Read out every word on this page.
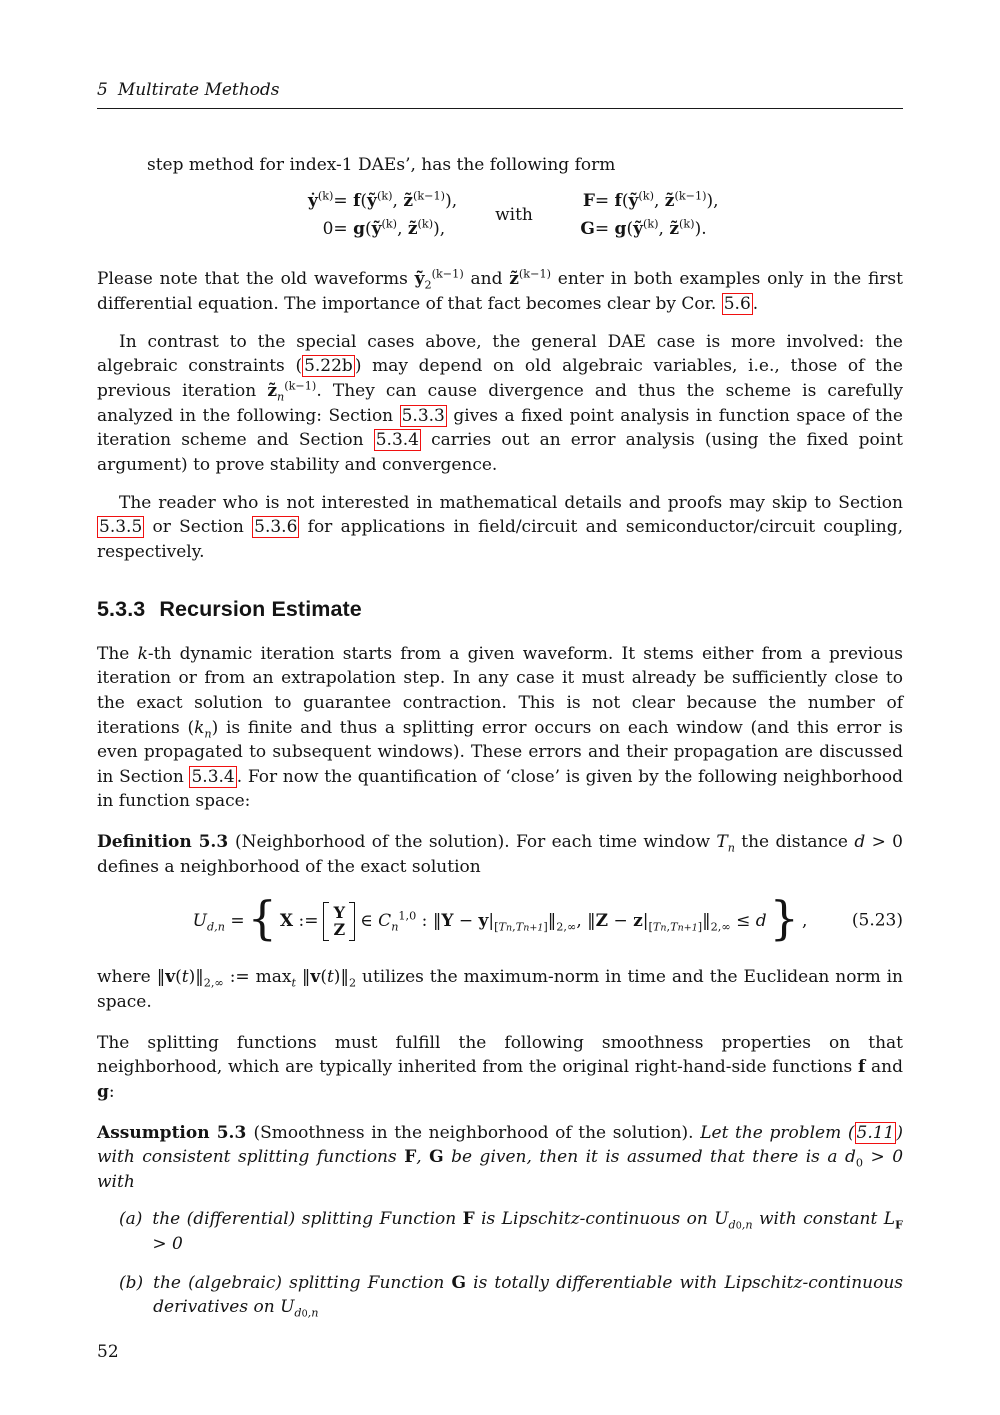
5 Multirate Methods

step method for index-1 DAEs’, has the following form

ẏ$^{(k)}$ = f(ỹ$^{(k)}$, z̃$^{(k-1)}$),
0 = g(ỹ$^{(k)}$, z̃$^{(k)}$),
with
F = f(ỹ$^{(k)}$, z̃$^{(k-1)}$),
G = g(ỹ$^{(k)}$, z̃$^{(k)}$).

Please note that the old waveforms ỹ$_2^{(k-1)}$ and z̃$^{(k-1)}$ enter in both examples only in the first differential equation. The importance of that fact becomes clear by Cor. 5.6 .

In contrast to the special cases above, the general DAE case is more involved: the algebraic constraints ( 5.22b ) may depend on old algebraic variables, i.e., those of the previous iteration $z̃_n^{(k-1)}$. They can cause divergence and thus the scheme is carefully analyzed in the following: Section 5.3.3 gives a fixed point analysis in function space of the iteration scheme and Section 5.3.4 carries out an error analysis (using the fixed point argument) to prove stability and convergence.

The reader who is not interested in mathematical details and proofs may skip to Section 5.3.5 or Section 5.3.6 for applications in field/circuit and semiconductor/circuit coupling, respectively.

5.3.3 Recursion Estimate

The k-th dynamic iteration starts from a given waveform. It stems either from a previous iteration or from an extrapolation step. In any case it must already be sufficiently close to the exact solution to guarantee contraction. This is not clear because the number of iterations $(k_n)$ is finite and thus a splitting error occurs on each window (and this error is even propagated to subsequent windows). These errors and their propagation are discussed in Section 5.3.4 . For now the quantification of ‘close’ is given by the following neighborhood in function space:

Definition 5.3 (Neighborhood of the solution). For each time window $T_n$ the distance d > 0 defines a neighborhood of the exact solution

$U_{d,n}$ = { X := Y
Z ∈ $C_n^{1,0}$ : ‖Y − $y|_{[Tn,Tn+1]}‖_{2,\infty}$, ‖Z − $z|_{[Tn,Tn+1]}‖_{2,\infty} \le d$ } ,	(5.23)

where $‖v(t)‖_{2,\infty}$ := $\max_t$ $‖v(t)‖_2$ utilizes the maximum-norm in time and the Euclidean norm in space.

The splitting functions must fulfill the following smoothness properties on that neighborhood, which are typically inherited from the original right-hand-side functions f and g:

Assumption 5.3 (Smoothness in the neighborhood of the solution). Let the problem ( 5.11 ) with consistent splitting functions F, G be given, then it is assumed that there is a $d_0 > 0$ with

(a) the (differential) splitting Function F is Lipschitz-continuous on $U_{d0,n}$ with constant $L_F > 0$
(b) the (algebraic) splitting Function G is totally differentiable with Lipschitz-continuous derivatives on $U_{d0,n}$
52
